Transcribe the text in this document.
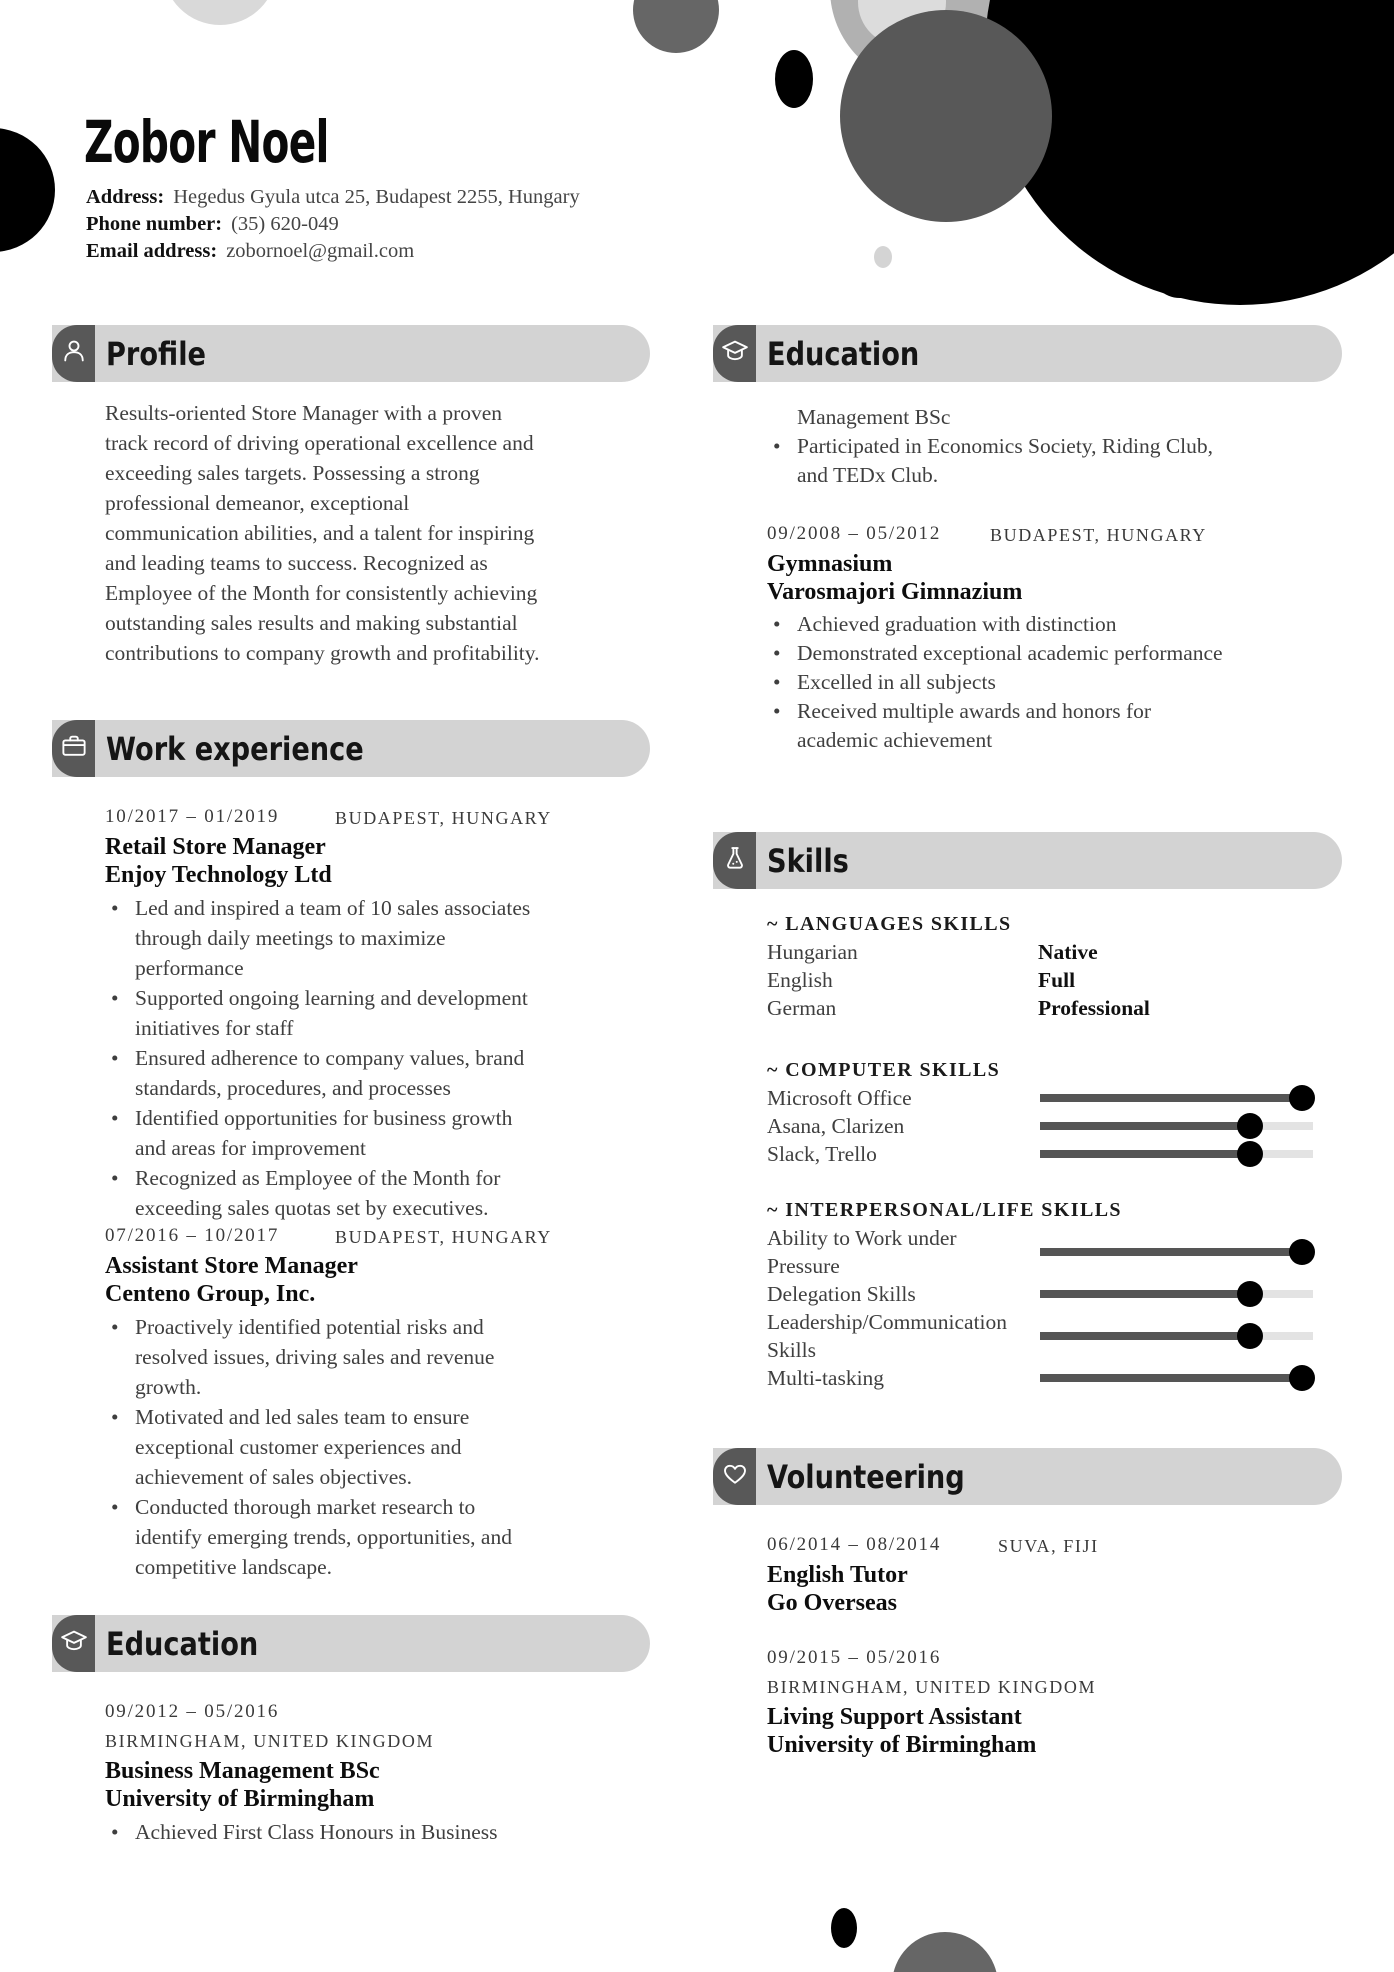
Zobor Noel
Address: Hegedus Gyula utca 25, Budapest 2255, Hungary
Phone number: (35) 620-049
Email address: zobornoel@gmail.com
Profile
Results-oriented Store Manager with a proven track record of driving operational excellence and exceeding sales targets. Possessing a strong professional demeanor, exceptional communication abilities, and a talent for inspiring and leading teams to success. Recognized as Employee of the Month for consistently achieving outstanding sales results and making substantial contributions to company growth and profitability.
Work experience
10/2017 – 01/2019	BUDAPEST, HUNGARY
Retail Store Manager
Enjoy Technology Ltd
• Led and inspired a team of 10 sales associates through daily meetings to maximize performance
• Supported ongoing learning and development initiatives for staff
• Ensured adherence to company values, brand standards, procedures, and processes
• Identified opportunities for business growth and areas for improvement
• Recognized as Employee of the Month for exceeding sales quotas set by executives.
07/2016 – 10/2017	BUDAPEST, HUNGARY
Assistant Store Manager
Centeno Group, Inc.
• Proactively identified potential risks and resolved issues, driving sales and revenue growth.
• Motivated and led sales team to ensure exceptional customer experiences and achievement of sales objectives.
• Conducted thorough market research to identify emerging trends, opportunities, and competitive landscape.
Education
09/2012 – 05/2016
BIRMINGHAM, UNITED KINGDOM
Business Management BSc
University of Birmingham
• Achieved First Class Honours in Business
Education
Management BSc
• Participated in Economics Society, Riding Club, and TEDx Club.
09/2008 – 05/2012	BUDAPEST, HUNGARY
Gymnasium
Varosmajori Gimnazium
• Achieved graduation with distinction
• Demonstrated exceptional academic performance
• Excelled in all subjects
• Received multiple awards and honors for academic achievement
Skills
~ LANGUAGES SKILLS
Hungarian	Native
English	Full
German	Professional
~ COMPUTER SKILLS
Microsoft Office
Asana, Clarizen
Slack, Trello
~ INTERPERSONAL/LIFE SKILLS
Ability to Work under Pressure
Delegation Skills
Leadership/Communication Skills
Multi-tasking
Volunteering
06/2014 – 08/2014	SUVA, FIJI
English Tutor
Go Overseas
09/2015 – 05/2016
BIRMINGHAM, UNITED KINGDOM
Living Support Assistant
University of Birmingham
